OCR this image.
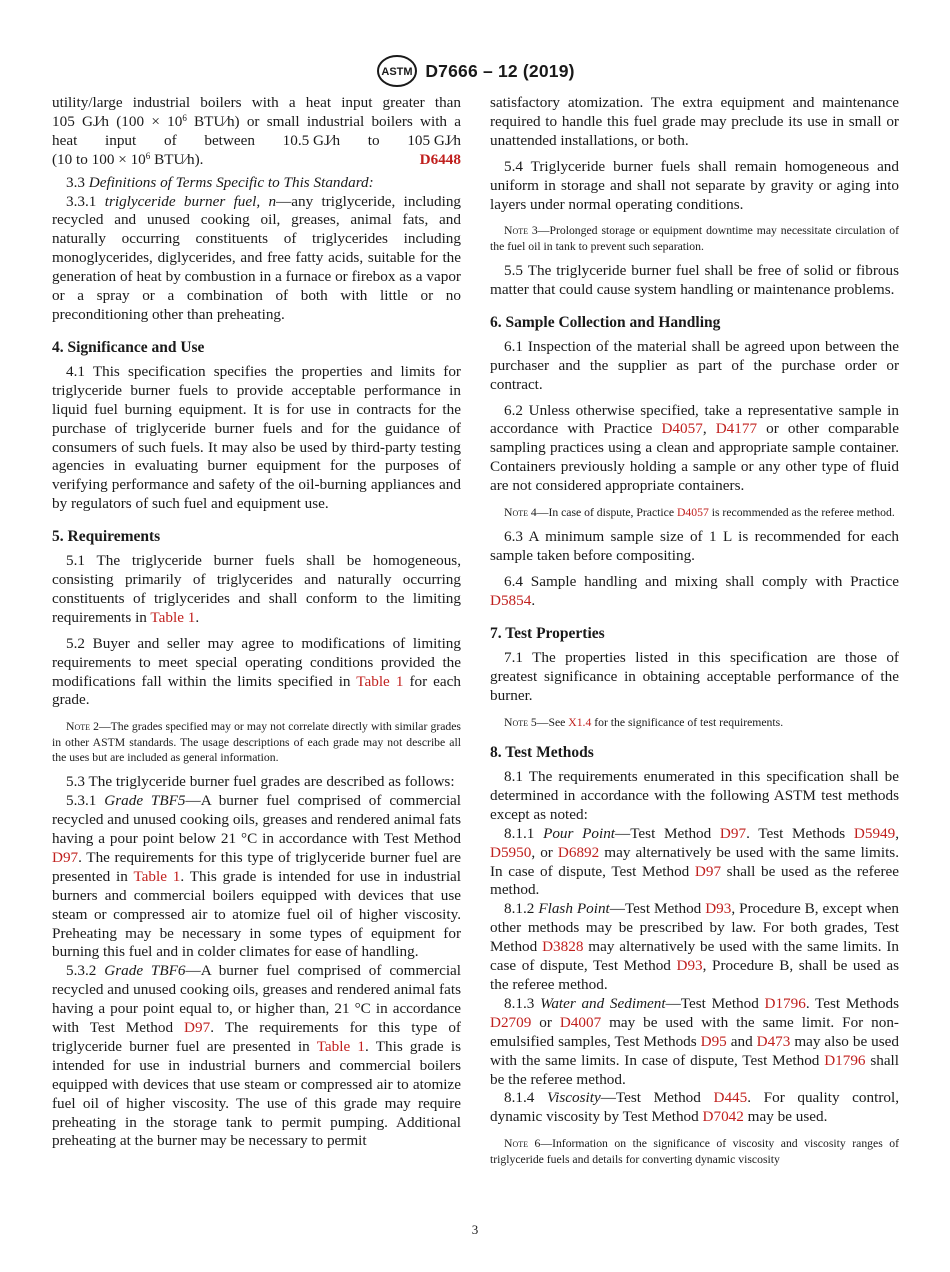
ASTM D7666 – 12 (2019)

utility/large industrial boilers with a heat input greater than

105 GJ⁄h ($100 \times 10^6$ BTU⁄h) or small industrial boilers with a

heat input of between 10.5 GJ⁄h to 105 GJ⁄h

(10 to $100 \times 10^6$ BTU⁄h).	D6448

3.3 Definitions of Terms Specific to This Standard:

3.3.1 triglyceride burner fuel, n—any triglyceride, including recycled and unused cooking oil, greases, animal fats, and naturally occurring constituents of triglycerides including monoglycerides, diglycerides, and free fatty acids, suitable for the generation of heat by combustion in a furnace or firebox as a vapor or a spray or a combination of both with little or no preconditioning other than preheating.

4. Significance and Use

4.1 This specification specifies the properties and limits for triglyceride burner fuels to provide acceptable performance in liquid fuel burning equipment. It is for use in contracts for the purchase of triglyceride burner fuels and for the guidance of consumers of such fuels. It may also be used by third-party testing agencies in evaluating burner equipment for the purposes of verifying performance and safety of the oil-burning appliances and by regulators of such fuel and equipment use.

5. Requirements

5.1 The triglyceride burner fuels shall be homogeneous, consisting primarily of triglycerides and naturally occurring constituents of triglycerides and shall conform to the limiting requirements in Table 1.

5.2 Buyer and seller may agree to modifications of limiting requirements to meet special operating conditions provided the modifications fall within the limits specified in Table 1 for each grade.

Note 2—The grades specified may or may not correlate directly with similar grades in other ASTM standards. The usage descriptions of each grade may not describe all the uses but are included as general information.

5.3 The triglyceride burner fuel grades are described as follows:

5.3.1 Grade TBF5—A burner fuel comprised of commercial recycled and unused cooking oils, greases and rendered animal fats having a pour point below 21 °C in accordance with Test Method D97. The requirements for this type of triglyceride burner fuel are presented in Table 1. This grade is intended for use in industrial burners and commercial boilers equipped with devices that use steam or compressed air to atomize fuel oil of higher viscosity. Preheating may be necessary in some types of equipment for burning this fuel and in colder climates for ease of handling.

5.3.2 Grade TBF6—A burner fuel comprised of commercial recycled and unused cooking oils, greases and rendered animal fats having a pour point equal to, or higher than, 21 °C in accordance with Test Method D97. The requirements for this type of triglyceride burner fuel are presented in Table 1. This grade is intended for use in industrial burners and commercial boilers equipped with devices that use steam or compressed air to atomize fuel oil of higher viscosity. The use of this grade may require preheating in the storage tank to permit pumping. Additional preheating at the burner may be necessary to permit

satisfactory atomization. The extra equipment and maintenance required to handle this fuel grade may preclude its use in small or unattended installations, or both.

5.4 Triglyceride burner fuels shall remain homogeneous and uniform in storage and shall not separate by gravity or aging into layers under normal operating conditions.

Note 3—Prolonged storage or equipment downtime may necessitate circulation of the fuel oil in tank to prevent such separation.

5.5 The triglyceride burner fuel shall be free of solid or fibrous matter that could cause system handling or maintenance problems.

6. Sample Collection and Handling

6.1 Inspection of the material shall be agreed upon between the purchaser and the supplier as part of the purchase order or contract.

6.2 Unless otherwise specified, take a representative sample in accordance with Practice D4057, D4177 or other comparable sampling practices using a clean and appropriate sample container. Containers previously holding a sample or any other type of fluid are not considered appropriate containers.

Note 4—In case of dispute, Practice D4057 is recommended as the referee method.

6.3 A minimum sample size of 1 L is recommended for each sample taken before compositing.

6.4 Sample handling and mixing shall comply with Practice D5854.

7. Test Properties

7.1 The properties listed in this specification are those of greatest significance in obtaining acceptable performance of the burner.

Note 5—See X1.4 for the significance of test requirements.
8. Test Methods

8.1 The requirements enumerated in this specification shall be determined in accordance with the following ASTM test methods except as noted:

8.1.1 Pour Point—Test Method D97. Test Methods D5949, D5950, or D6892 may alternatively be used with the same limits. In case of dispute, Test Method D97 shall be used as the referee method.

8.1.2 Flash Point—Test Method D93, Procedure B, except when other methods may be prescribed by law. For both grades, Test Method D3828 may alternatively be used with the same limits. In case of dispute, Test Method D93, Procedure B, shall be used as the referee method.

8.1.3 Water and Sediment—Test Method D1796. Test Methods D2709 or D4007 may be used with the same limit. For non-emulsified samples, Test Methods D95 and D473 may also be used with the same limits. In case of dispute, Test Method D1796 shall be the referee method.

8.1.4 Viscosity—Test Method D445. For quality control, dynamic viscosity by Test Method D7042 may be used.

Note 6—Information on the significance of viscosity and viscosity ranges of triglyceride fuels and details for converting dynamic viscosity
3
